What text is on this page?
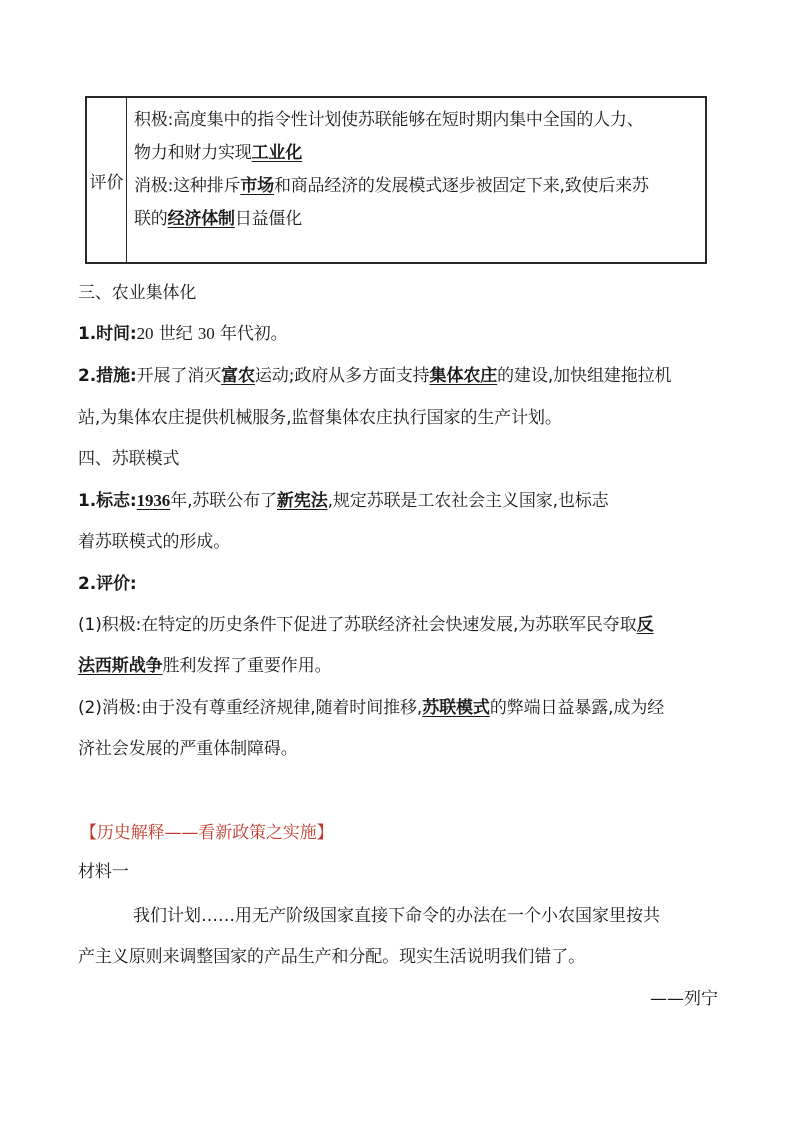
评价
积极:高度集中的指令性计划使苏联能够在短时期内集中全国的人力、
物力和财力实现工业化
消极:这种排斥市场和商品经济的发展模式逐步被固定下来,致使后来苏
联的经济体制日益僵化
三、农业集体化
1.时间:20 世纪 30 年代初。
2.措施:开展了消灭富农运动;政府从多方面支持集体农庄的建设,加快组建拖拉机
站,为集体农庄提供机械服务,监督集体农庄执行国家的生产计划。
四、苏联模式
1.标志:1936年,苏联公布了新宪法,规定苏联是工农社会主义国家,也标志
着苏联模式的形成。
2.评价:
(1)积极:在特定的历史条件下促进了苏联经济社会快速发展,为苏联军民夺取反
法西斯战争胜利发挥了重要作用。
(2)消极:由于没有尊重经济规律,随着时间推移,苏联模式的弊端日益暴露,成为经
济社会发展的严重体制障碍。
【历史解释——看新政策之实施】
材料一
我们计划……用无产阶级国家直接下命令的办法在一个小农国家里按共
产主义原则来调整国家的产品生产和分配。现实生活说明我们错了。
——列宁
